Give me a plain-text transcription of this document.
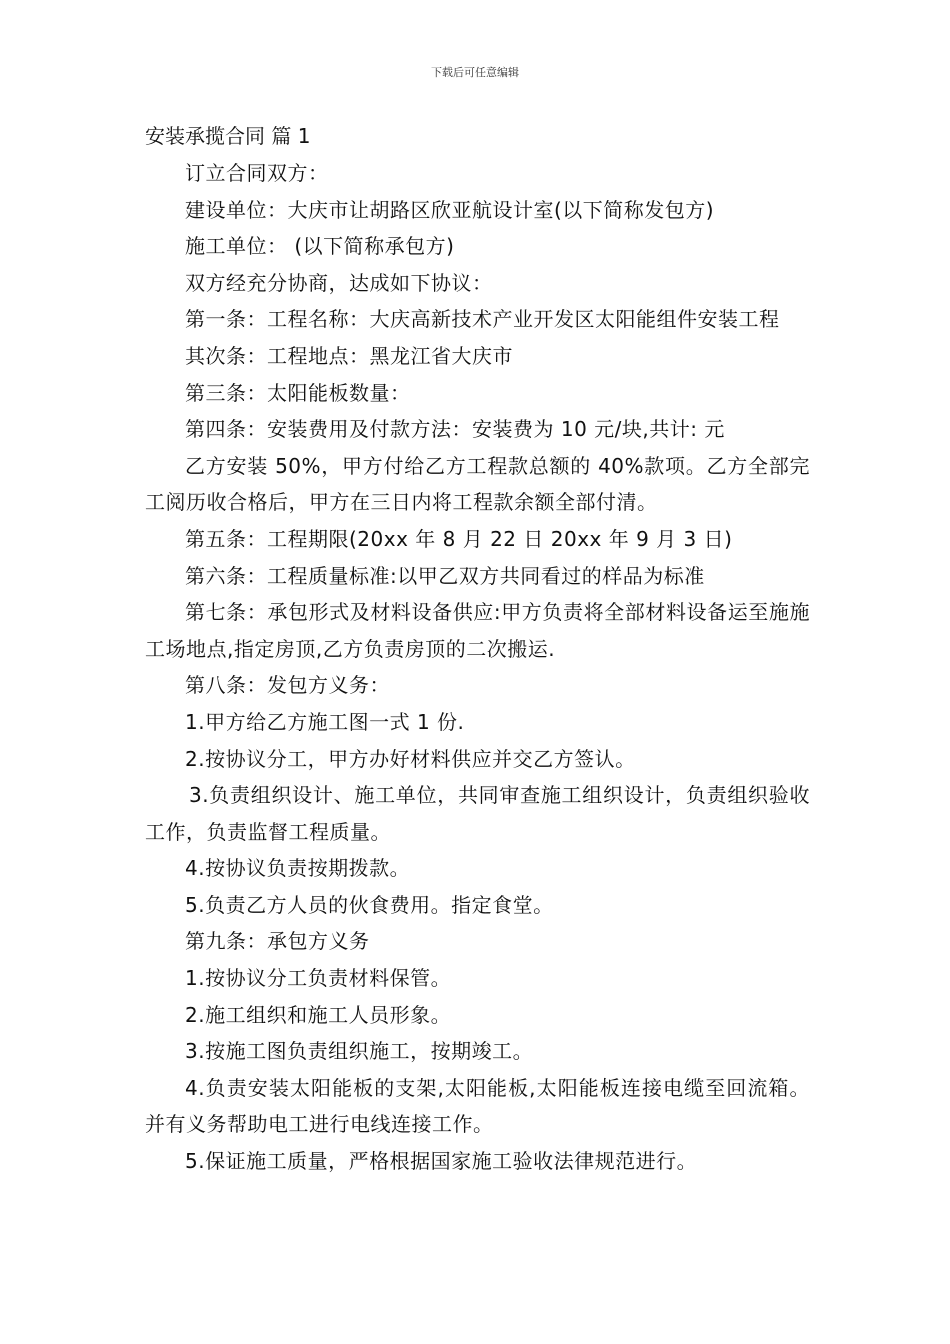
下载后可任意编辑

安装承揽合同 篇 1

订立合同双方：

建设单位：大庆市让胡路区欣亚航设计室(以下简称发包方)

施工单位： (以下简称承包方)

双方经充分协商，达成如下协议：

第一条：工程名称：大庆高新技术产业开发区太阳能组件安装工程

其次条：工程地点：黑龙江省大庆市

第三条：太阳能板数量：

第四条：安装费用及付款方法：安装费为 10 元/块,共计: 元

乙方安装 50%，甲方付给乙方工程款总额的 40%款项。乙方全部完工阅历收合格后，甲方在三日内将工程款余额全部付清。

第五条：工程期限(20xx 年 8 月 22 日 20xx 年 9 月 3 日)

第六条：工程质量标准:以甲乙双方共同看过的样品为标准

第七条：承包形式及材料设备供应:甲方负责将全部材料设备运至施施工场地点,指定房顶,乙方负责房顶的二次搬运.

第八条：发包方义务：

1.甲方给乙方施工图一式 1 份.

2.按协议分工，甲方办好材料供应并交乙方签认。

3.负责组织设计、施工单位，共同审查施工组织设计，负责组织验收工作，负责监督工程质量。

4.按协议负责按期拨款。

5.负责乙方人员的伙食费用。指定食堂。

第九条：承包方义务

1.按协议分工负责材料保管。

2.施工组织和施工人员形象。

3.按施工图负责组织施工，按期竣工。

4.负责安装太阳能板的支架,太阳能板,太阳能板连接电缆至回流箱。并有义务帮助电工进行电线连接工作。

5.保证施工质量，严格根据国家施工验收法律规范进行。
